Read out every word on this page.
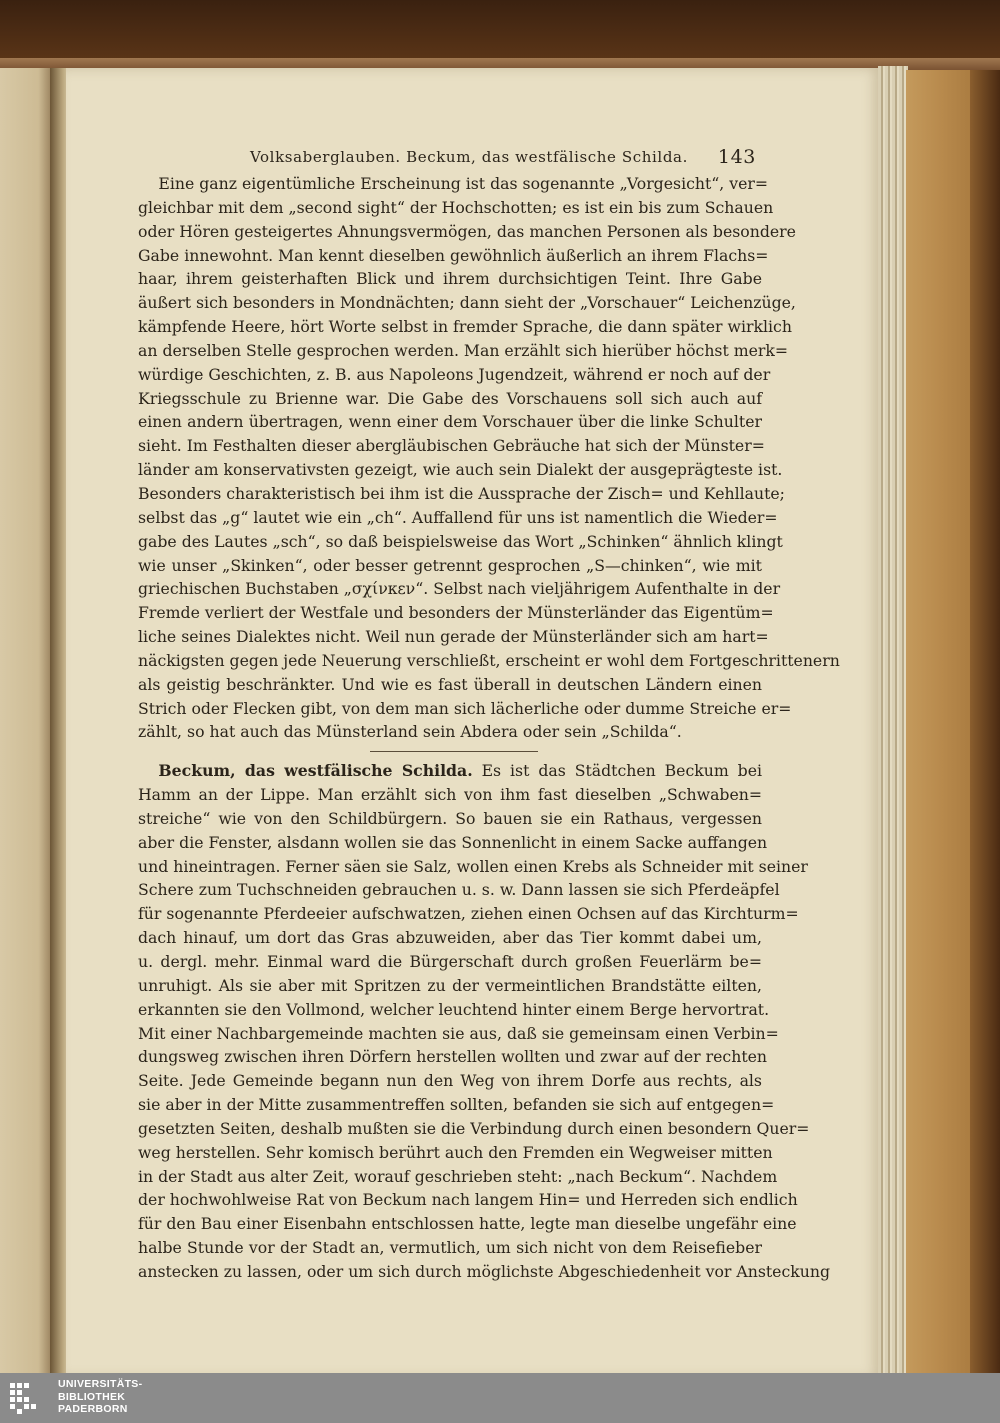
Volksaberglauben. Beckum, das westfälische Schilda. 143
Eine ganz eigentümliche Erscheinung ist das sogenannte „Vorgesicht“, ver=
gleichbar mit dem „second sight“ der Hochschotten; es ist ein bis zum Schauen
oder Hören gesteigertes Ahnungsvermögen, das manchen Personen als besondere
Gabe innewohnt. Man kennt dieselben gewöhnlich äußerlich an ihrem Flachs=
haar, ihrem geisterhaften Blick und ihrem durchsichtigen Teint. Ihre Gabe
äußert sich besonders in Mondnächten; dann sieht der „Vorschauer“ Leichenzüge,
kämpfende Heere, hört Worte selbst in fremder Sprache, die dann später wirklich
an derselben Stelle gesprochen werden. Man erzählt sich hierüber höchst merk=
würdige Geschichten, z. B. aus Napoleons Jugendzeit, während er noch auf der
Kriegsschule zu Brienne war. Die Gabe des Vorschauens soll sich auch auf
einen andern übertragen, wenn einer dem Vorschauer über die linke Schulter
sieht. Im Festhalten dieser abergläubischen Gebräuche hat sich der Münster=
länder am konservativsten gezeigt, wie auch sein Dialekt der ausgeprägteste ist.
Besonders charakteristisch bei ihm ist die Aussprache der Zisch= und Kehllaute;
selbst das „g“ lautet wie ein „ch“. Auffallend für uns ist namentlich die Wieder=
gabe des Lautes „sch“, so daß beispielsweise das Wort „Schinken“ ähnlich klingt
wie unser „Skinken“, oder besser getrennt gesprochen „S—chinken“, wie mit
griechischen Buchstaben „σχίνκεν“. Selbst nach vieljährigem Aufenthalte in der
Fremde verliert der Westfale und besonders der Münsterländer das Eigentüm=
liche seines Dialektes nicht. Weil nun gerade der Münsterländer sich am hart=
näckigsten gegen jede Neuerung verschließt, erscheint er wohl dem Fortgeschrittenern
als geistig beschränkter. Und wie es fast überall in deutschen Ländern einen
Strich oder Flecken gibt, von dem man sich lächerliche oder dumme Streiche er=
zählt, so hat auch das Münsterland sein Abdera oder sein „Schilda“.
Beckum, das westfälische Schilda. Es ist das Städtchen Beckum bei
Hamm an der Lippe. Man erzählt sich von ihm fast dieselben „Schwaben=
streiche“ wie von den Schildbürgern. So bauen sie ein Rathaus, vergessen
aber die Fenster, alsdann wollen sie das Sonnenlicht in einem Sacke auffangen
und hineintragen. Ferner säen sie Salz, wollen einen Krebs als Schneider mit seiner
Schere zum Tuchschneiden gebrauchen u. s. w. Dann lassen sie sich Pferdeäpfel
für sogenannte Pferdeeier aufschwatzen, ziehen einen Ochsen auf das Kirchturm=
dach hinauf, um dort das Gras abzuweiden, aber das Tier kommt dabei um,
u. dergl. mehr. Einmal ward die Bürgerschaft durch großen Feuerlärm be=
unruhigt. Als sie aber mit Spritzen zu der vermeintlichen Brandstätte eilten,
erkannten sie den Vollmond, welcher leuchtend hinter einem Berge hervortrat.
Mit einer Nachbargemeinde machten sie aus, daß sie gemeinsam einen Verbin=
dungsweg zwischen ihren Dörfern herstellen wollten und zwar auf der rechten
Seite. Jede Gemeinde begann nun den Weg von ihrem Dorfe aus rechts, als
sie aber in der Mitte zusammentreffen sollten, befanden sie sich auf entgegen=
gesetzten Seiten, deshalb mußten sie die Verbindung durch einen besondern Quer=
weg herstellen. Sehr komisch berührt auch den Fremden ein Wegweiser mitten
in der Stadt aus alter Zeit, worauf geschrieben steht: „nach Beckum“. Nachdem
der hochwohlweise Rat von Beckum nach langem Hin= und Herreden sich endlich
für den Bau einer Eisenbahn entschlossen hatte, legte man dieselbe ungefähr eine
halbe Stunde vor der Stadt an, vermutlich, um sich nicht von dem Reisefieber
anstecken zu lassen, oder um sich durch möglichste Abgeschiedenheit vor Ansteckung
UNIVERSITÄTS-
BIBLIOTHEK
PADERBORN
